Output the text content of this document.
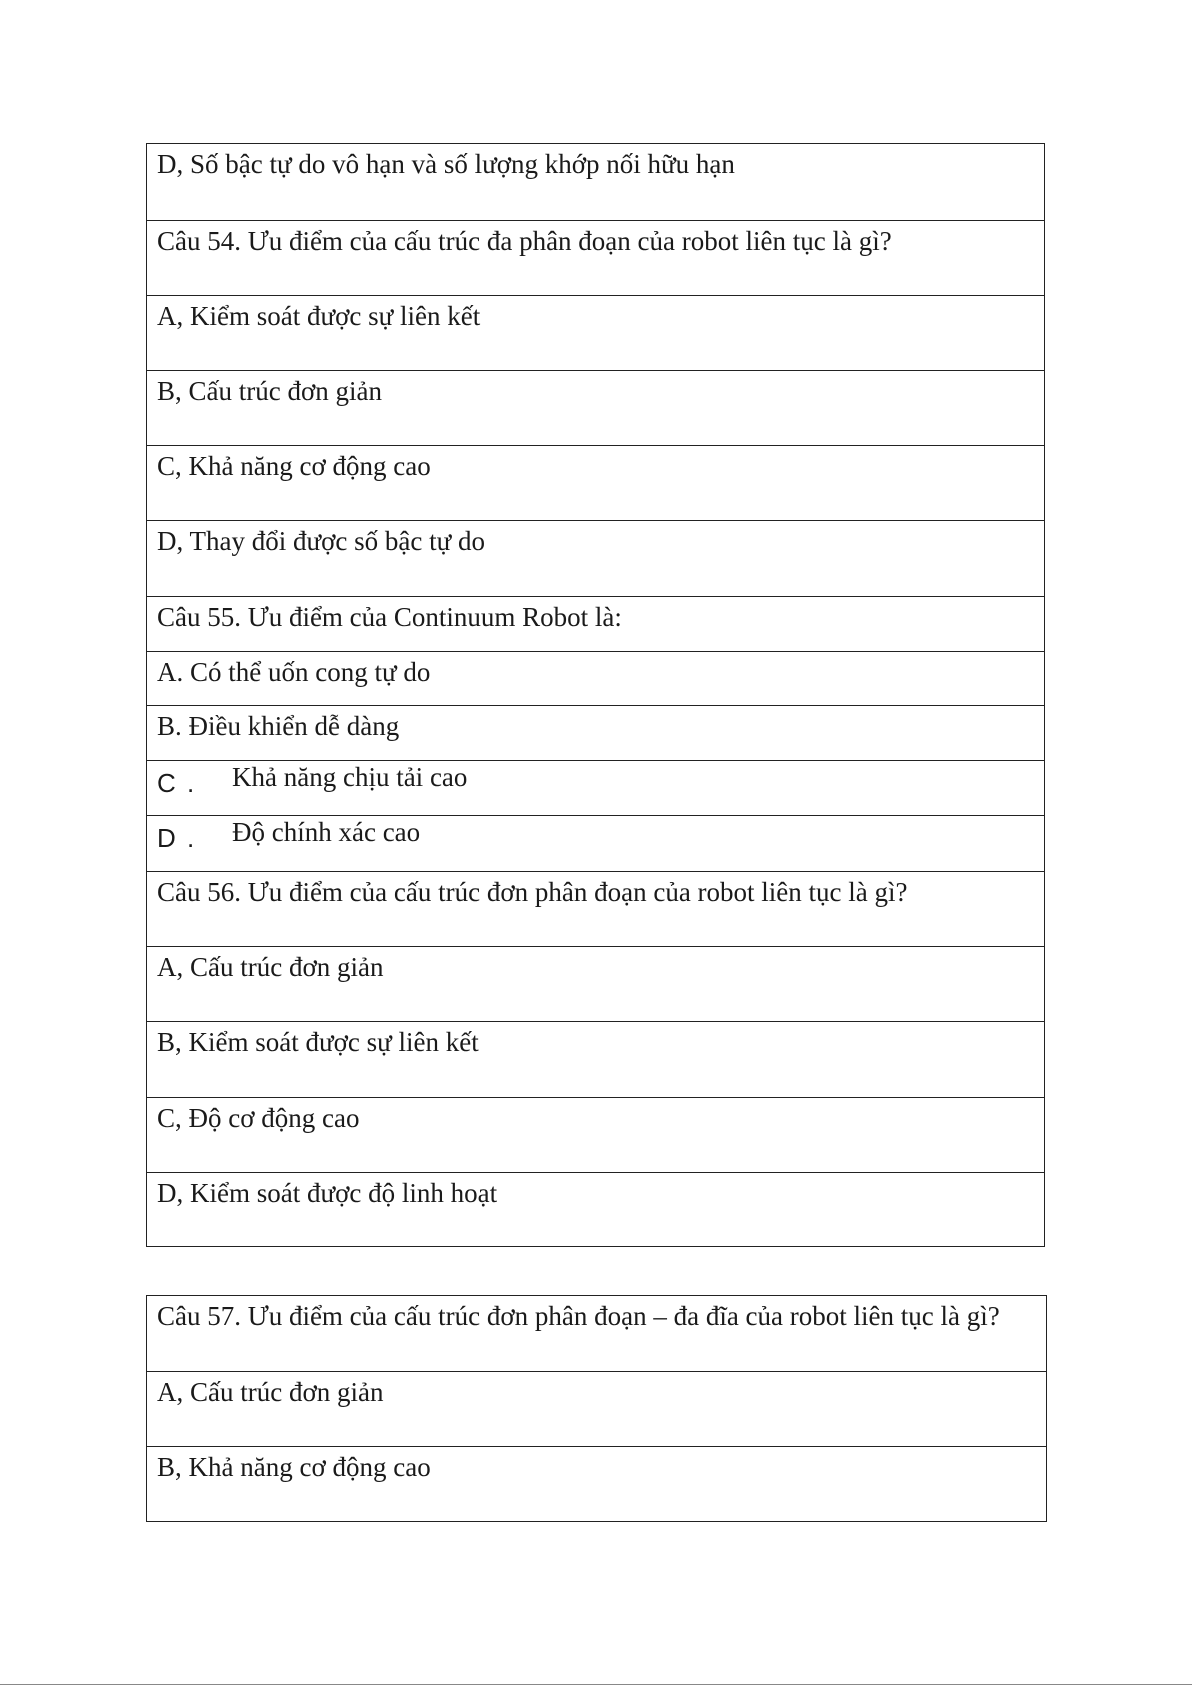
D, Số bậc tự do vô hạn và số lượng khớp nối hữu hạn
Câu 54. Ưu điểm của cấu trúc đa phân đoạn của robot liên tục là gì?
A, Kiểm soát được sự liên kết
B, Cấu trúc đơn giản
C, Khả năng cơ động cao
D, Thay đổi được số bậc tự do
Câu 55. Ưu điểm của Continuum Robot là:
A. Có thể uốn cong tự do
B. Điều khiển dễ dàng
C . Khả năng chịu tải cao
D . Độ chính xác cao
Câu 56. Ưu điểm của cấu trúc đơn phân đoạn của robot liên tục là gì?
A, Cấu trúc đơn giản
B, Kiểm soát được sự liên kết
C, Độ cơ động cao
D, Kiểm soát được độ linh hoạt
Câu 57. Ưu điểm của cấu trúc đơn phân đoạn – đa đĩa của robot liên tục là gì?
A, Cấu trúc đơn giản
B, Khả năng cơ động cao
